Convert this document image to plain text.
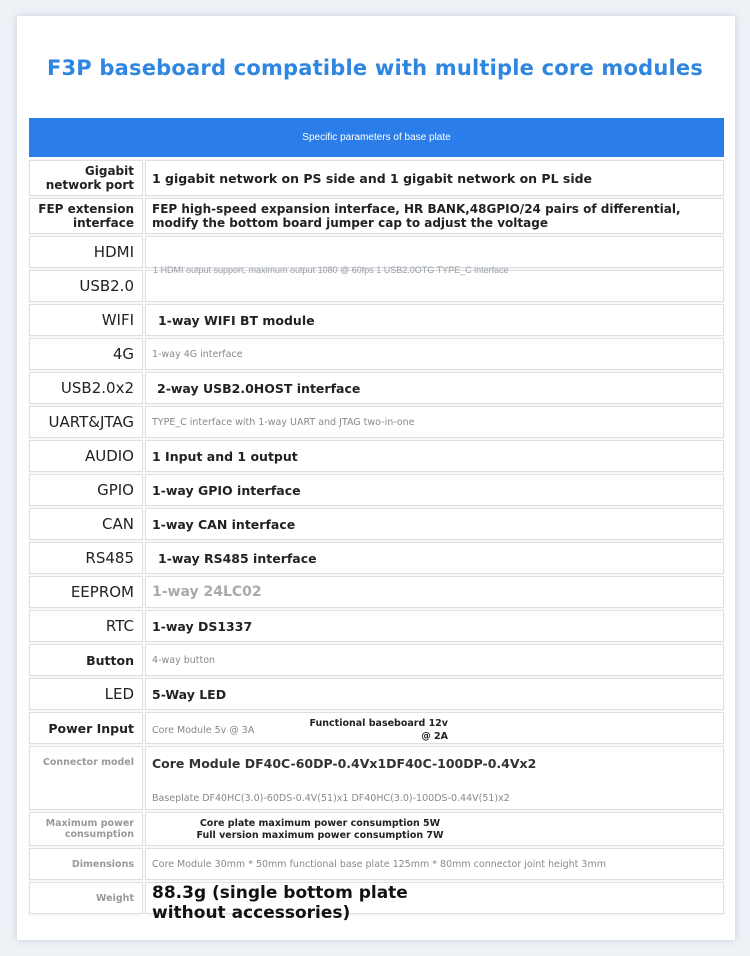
F3P baseboard compatible with multiple core modules
Specific parameters of base plate
Gigabit network port 1 gigabit network on PS side and 1 gigabit network on PL side
FEP extension interface
FEP high-speed expansion interface, HR BANK,48GPIO/24 pairs of differential, modify the bottom board jumper cap to adjust the voltage
HDMI
USB2.0
1 HDMI output support, maximum output 1080 @ 60fps 1 USB2.0OTG TYPE_C interface
WIFI 1-way WIFI BT module
4G 1-way 4G interface
USB2.0x2 2-way USB2.0HOST interface
UART&JTAG TYPE_C interface with 1-way UART and JTAG two-in-one
AUDIO 1 Input and 1 output
GPIO 1-way GPIO interface
CAN 1-way CAN interface
RS485 1-way RS485 interface
EEPROM 1-way 24LC02
RTC 1-way DS1337
Button 4-way button
LED 5-Way LED
Power Input Core Module 5v @ 3A
Functional baseboard 12v @ 2A
Connector model Core Module DF40C-60DP-0.4Vx1DF40C-100DP-0.4Vx2
Baseplate DF40HC(3.0)-60DS-0.4V(51)x1 DF40HC(3.0)-100DS-0.44V(51)x2
Maximum power consumption
Core plate maximum power consumption 5W Full version maximum power consumption 7W
Dimensions Core Module 30mm * 50mm functional base plate 125mm * 80mm connector joint height 3mm
Weight 88.3g (single bottom plate without accessories)
